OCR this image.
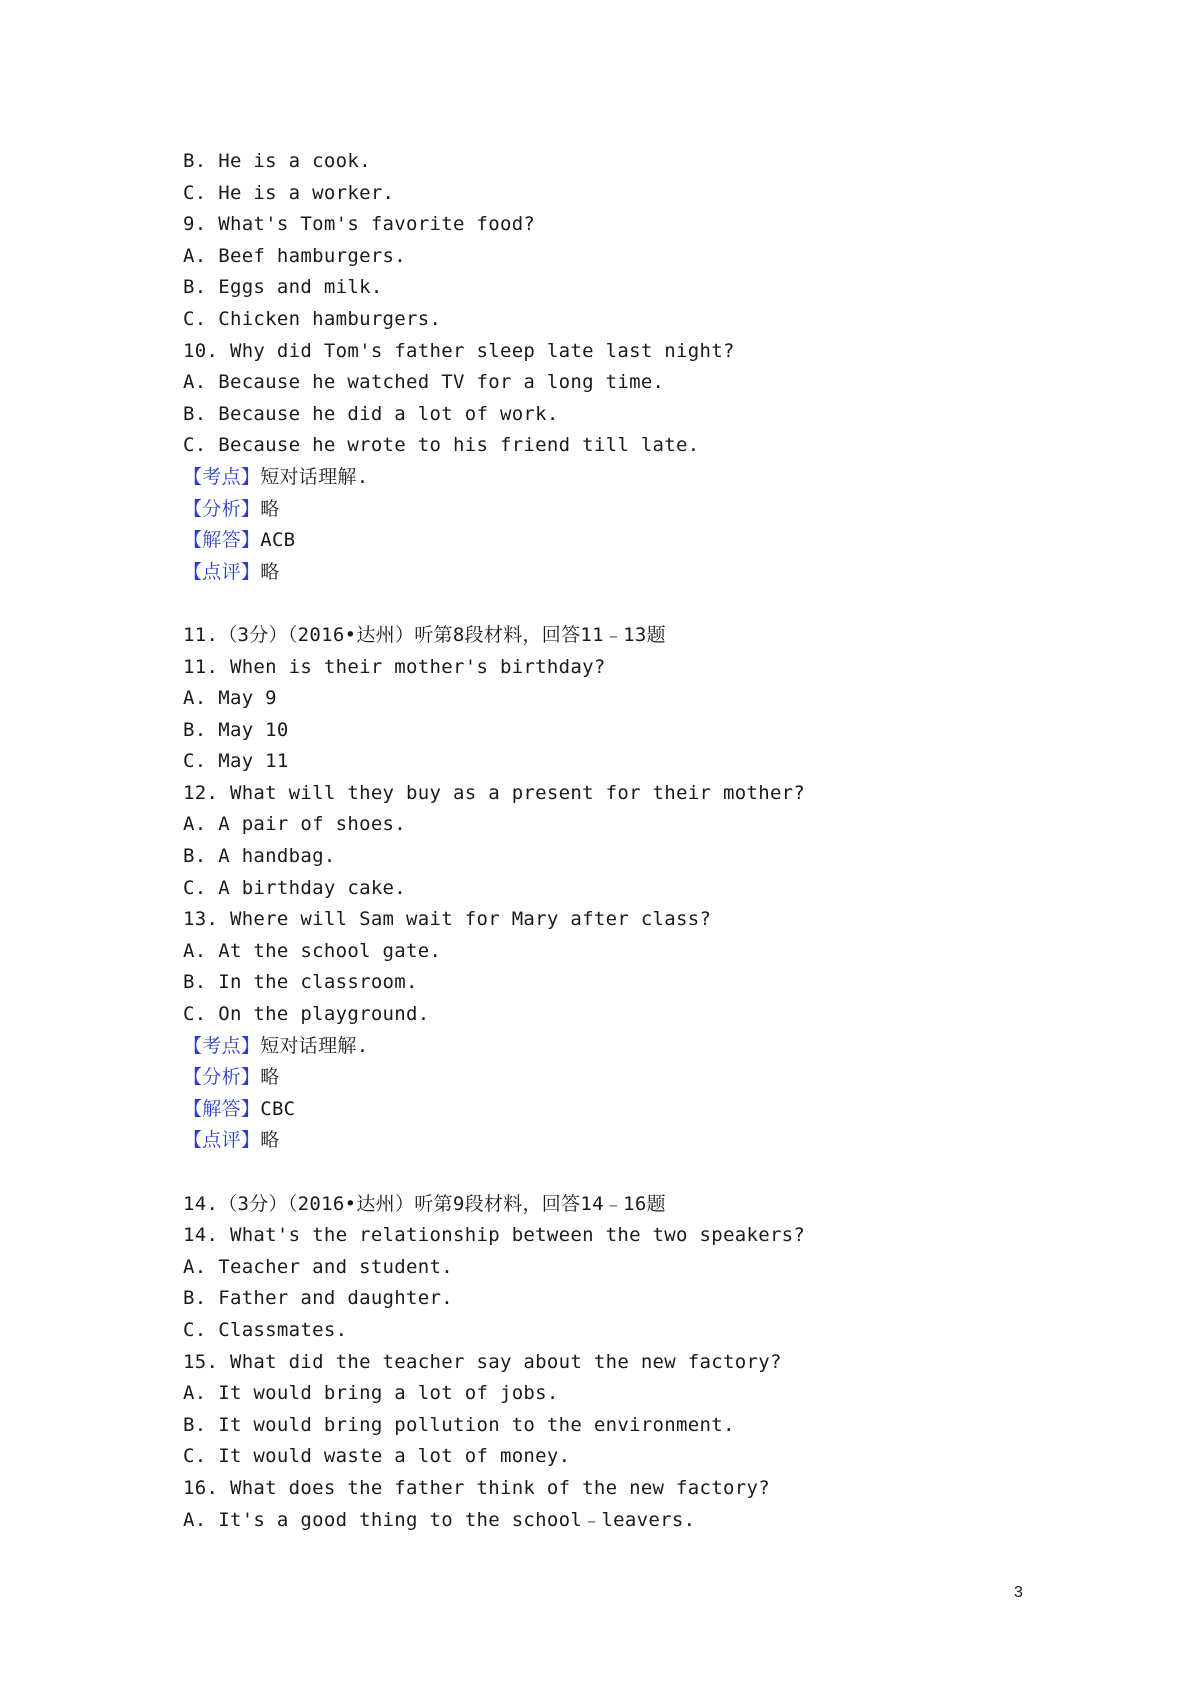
B. He is a cook.
C. He is a worker.
9. What's Tom's favorite food?
A. Beef hamburgers.
B. Eggs and milk.
C. Chicken hamburgers.
10. Why did Tom's father sleep late last night?
A. Because he watched TV for a long time.
B. Because he did a lot of work.
C. Because he wrote to his friend till late.
【考点】短对话理解.
【分析】略
【解答】ACB
【点评】略
11.（3分）（2016•达州）听第8段材料，回答11﹣13题
11. When is their mother's birthday?
A. May 9
B. May 10
C. May 11
12. What will they buy as a present for their mother?
A. A pair of shoes.
B. A handbag.
C. A birthday cake.
13. Where will Sam wait for Mary after class?
A. At the school gate.
B. In the classroom.
C. On the playground.
【考点】短对话理解.
【分析】略
【解答】CBC
【点评】略
14.（3分）（2016•达州）听第9段材料，回答14﹣16题
14. What's the relationship between the two speakers?
A. Teacher and student.
B. Father and daughter.
C. Classmates.
15. What did the teacher say about the new factory?
A. It would bring a lot of jobs.
B. It would bring pollution to the environment.
C. It would waste a lot of money.
16. What does the father think of the new factory?
A. It's a good thing to the school﹣leavers.
3
